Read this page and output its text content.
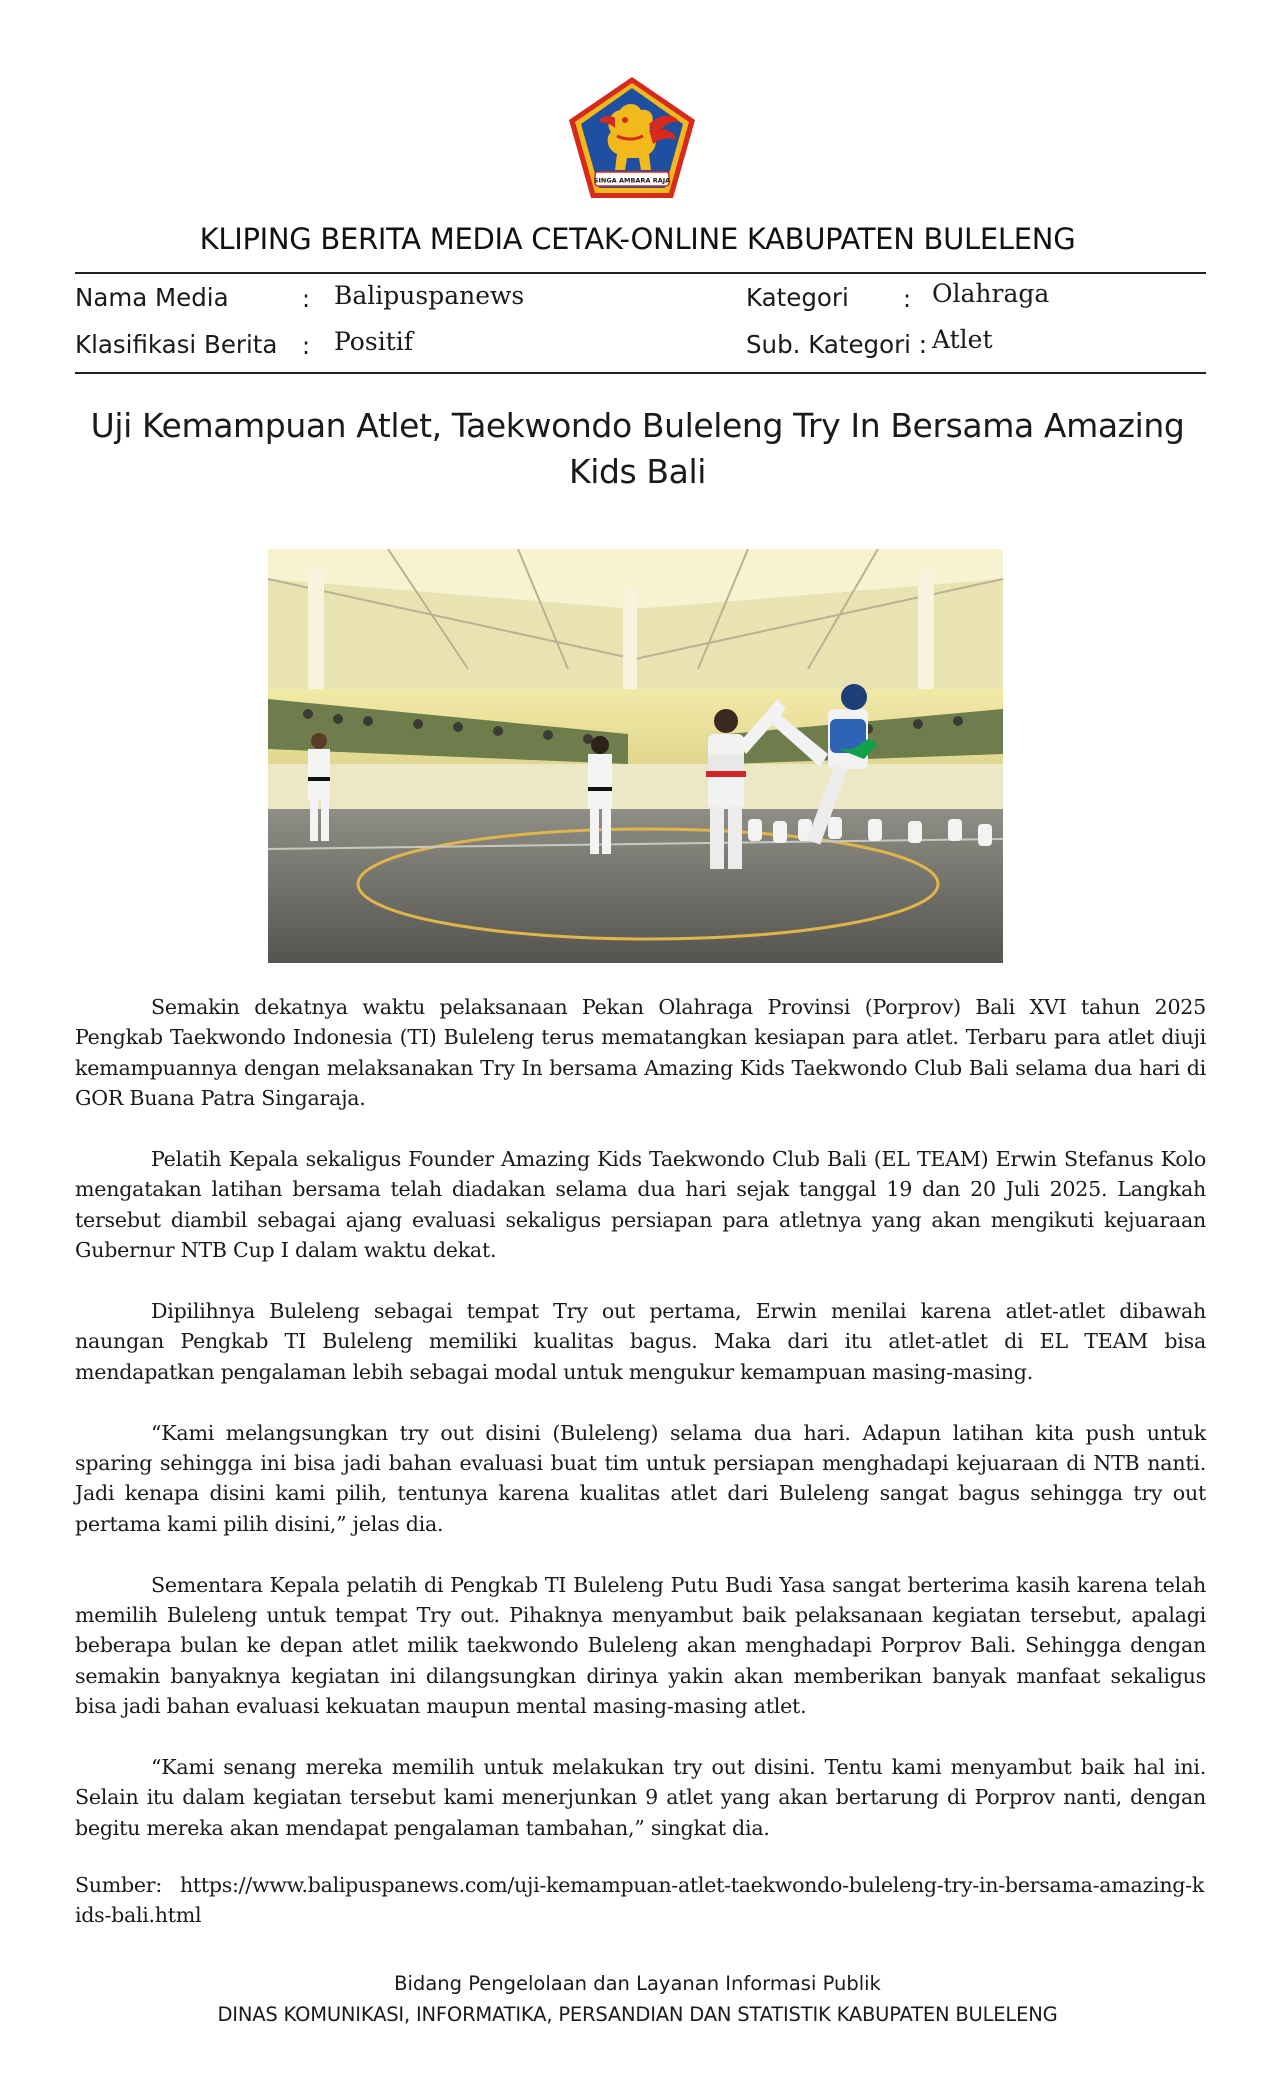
SINGA AMBARA RAJA
KLIPING BERITA MEDIA CETAK-ONLINE KABUPATEN BULELENG
Nama Media	: Balipuspanews	Kategori : Olahraga
Klasifikasi Berita : Positif	Sub. Kategori : Atlet
Uji Kemampuan Atlet, Taekwondo Buleleng Try In Bersama Amazing Kids Bali

Semakin dekatnya waktu pelaksanaan Pekan Olahraga Provinsi (Porprov) Bali XVI tahun 2025 Pengkab Taekwondo Indonesia (TI) Buleleng terus mematangkan kesiapan para atlet. Terbaru para atlet diuji kemampuannya dengan melaksanakan Try In bersama Amazing Kids Taekwondo Club Bali selama dua hari di GOR Buana Patra Singaraja.

Pelatih Kepala sekaligus Founder Amazing Kids Taekwondo Club Bali (EL TEAM) Erwin Stefanus Kolo mengatakan latihan bersama telah diadakan selama dua hari sejak tanggal 19 dan 20 Juli 2025. Langkah tersebut diambil sebagai ajang evaluasi sekaligus persiapan para atletnya yang akan mengikuti kejuaraan Gubernur NTB Cup I dalam waktu dekat.

Dipilihnya Buleleng sebagai tempat Try out pertama, Erwin menilai karena atlet-atlet dibawah naungan Pengkab TI Buleleng memiliki kualitas bagus. Maka dari itu atlet-atlet di EL TEAM bisa mendapatkan pengalaman lebih sebagai modal untuk mengukur kemampuan masing-masing.

“Kami melangsungkan try out disini (Buleleng) selama dua hari. Adapun latihan kita push untuk sparing sehingga ini bisa jadi bahan evaluasi buat tim untuk persiapan menghadapi kejuaraan di NTB nanti. Jadi kenapa disini kami pilih, tentunya karena kualitas atlet dari Buleleng sangat bagus sehingga try out pertama kami pilih disini,” jelas dia.

Sementara Kepala pelatih di Pengkab TI Buleleng Putu Budi Yasa sangat berterima kasih karena telah memilih Buleleng untuk tempat Try out. Pihaknya menyambut baik pelaksanaan kegiatan tersebut, apalagi beberapa bulan ke depan atlet milik taekwondo Buleleng akan menghadapi Porprov Bali. Sehingga dengan semakin banyaknya kegiatan ini dilangsungkan dirinya yakin akan memberikan banyak manfaat sekaligus bisa jadi bahan evaluasi kekuatan maupun mental masing-masing atlet.

“Kami senang mereka memilih untuk melakukan try out disini. Tentu kami menyambut baik hal ini. Selain itu dalam kegiatan tersebut kami menerjunkan 9 atlet yang akan bertarung di Porprov nanti, dengan begitu mereka akan mendapat pengalaman tambahan,” singkat dia.

Sumber: https://www.balipuspanews.com/uji-kemampuan-atlet-taekwondo-buleleng-try-in-bersama-amazing-kids-bali.html
Bidang Pengelolaan dan Layanan Informasi Publik
DINAS KOMUNIKASI, INFORMATIKA, PERSANDIAN DAN STATISTIK KABUPATEN BULELENG
